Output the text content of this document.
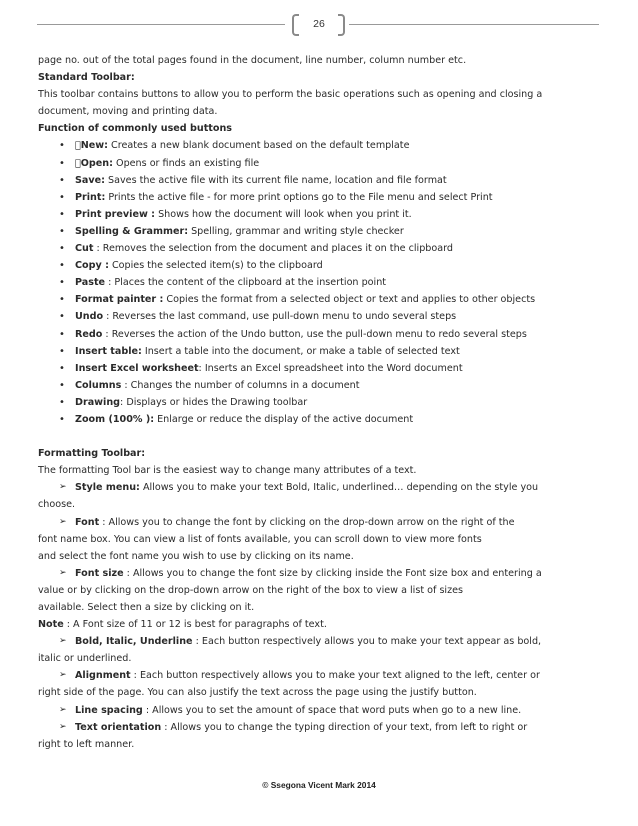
26
page no. out of the total pages found in the document, line number, column number etc.
Standard Toolbar:
This toolbar contains buttons to allow you to perform the basic operations such as opening and closing a
document, moving and printing data.
Function of commonly used buttons
• New: Creates a new blank document based on the default template
• Open: Opens or finds an existing file
• Save: Saves the active file with its current file name, location and file format
• Print: Prints the active file - for more print options go to the File menu and select Print
• Print preview : Shows how the document will look when you print it.
• Spelling & Grammer: Spelling, grammar and writing style checker
• Cut : Removes the selection from the document and places it on the clipboard
• Copy : Copies the selected item(s) to the clipboard
• Paste : Places the content of the clipboard at the insertion point
• Format painter : Copies the format from a selected object or text and applies to other objects
• Undo : Reverses the last command, use pull-down menu to undo several steps
• Redo : Reverses the action of the Undo button, use the pull-down menu to redo several steps
• Insert table: Insert a table into the document, or make a table of selected text
• Insert Excel worksheet: Inserts an Excel spreadsheet into the Word document
• Columns : Changes the number of columns in a document
• Drawing: Displays or hides the Drawing toolbar
• Zoom (100% ): Enlarge or reduce the display of the active document
Formatting Toolbar:
The formatting Tool bar is the easiest way to change many attributes of a text.
➢ Style menu: Allows you to make your text Bold, Italic, underlined… depending on the style you
choose.
➢ Font : Allows you to change the font by clicking on the drop-down arrow on the right of the
font name box. You can view a list of fonts available, you can scroll down to view more fonts
and select the font name you wish to use by clicking on its name.
➢ Font size : Allows you to change the font size by clicking inside the Font size box and entering a
value or by clicking on the drop-down arrow on the right of the box to view a list of sizes
available. Select then a size by clicking on it.
Note : A Font size of 11 or 12 is best for paragraphs of text.
➢ Bold, Italic, Underline : Each button respectively allows you to make your text appear as bold,
italic or underlined.
➢ Alignment : Each button respectively allows you to make your text aligned to the left, center or
right side of the page. You can also justify the text across the page using the justify button.
➢ Line spacing : Allows you to set the amount of space that word puts when go to a new line.
➢ Text orientation : Allows you to change the typing direction of your text, from left to right or
right to left manner.
© Ssegona Vicent Mark 2014
